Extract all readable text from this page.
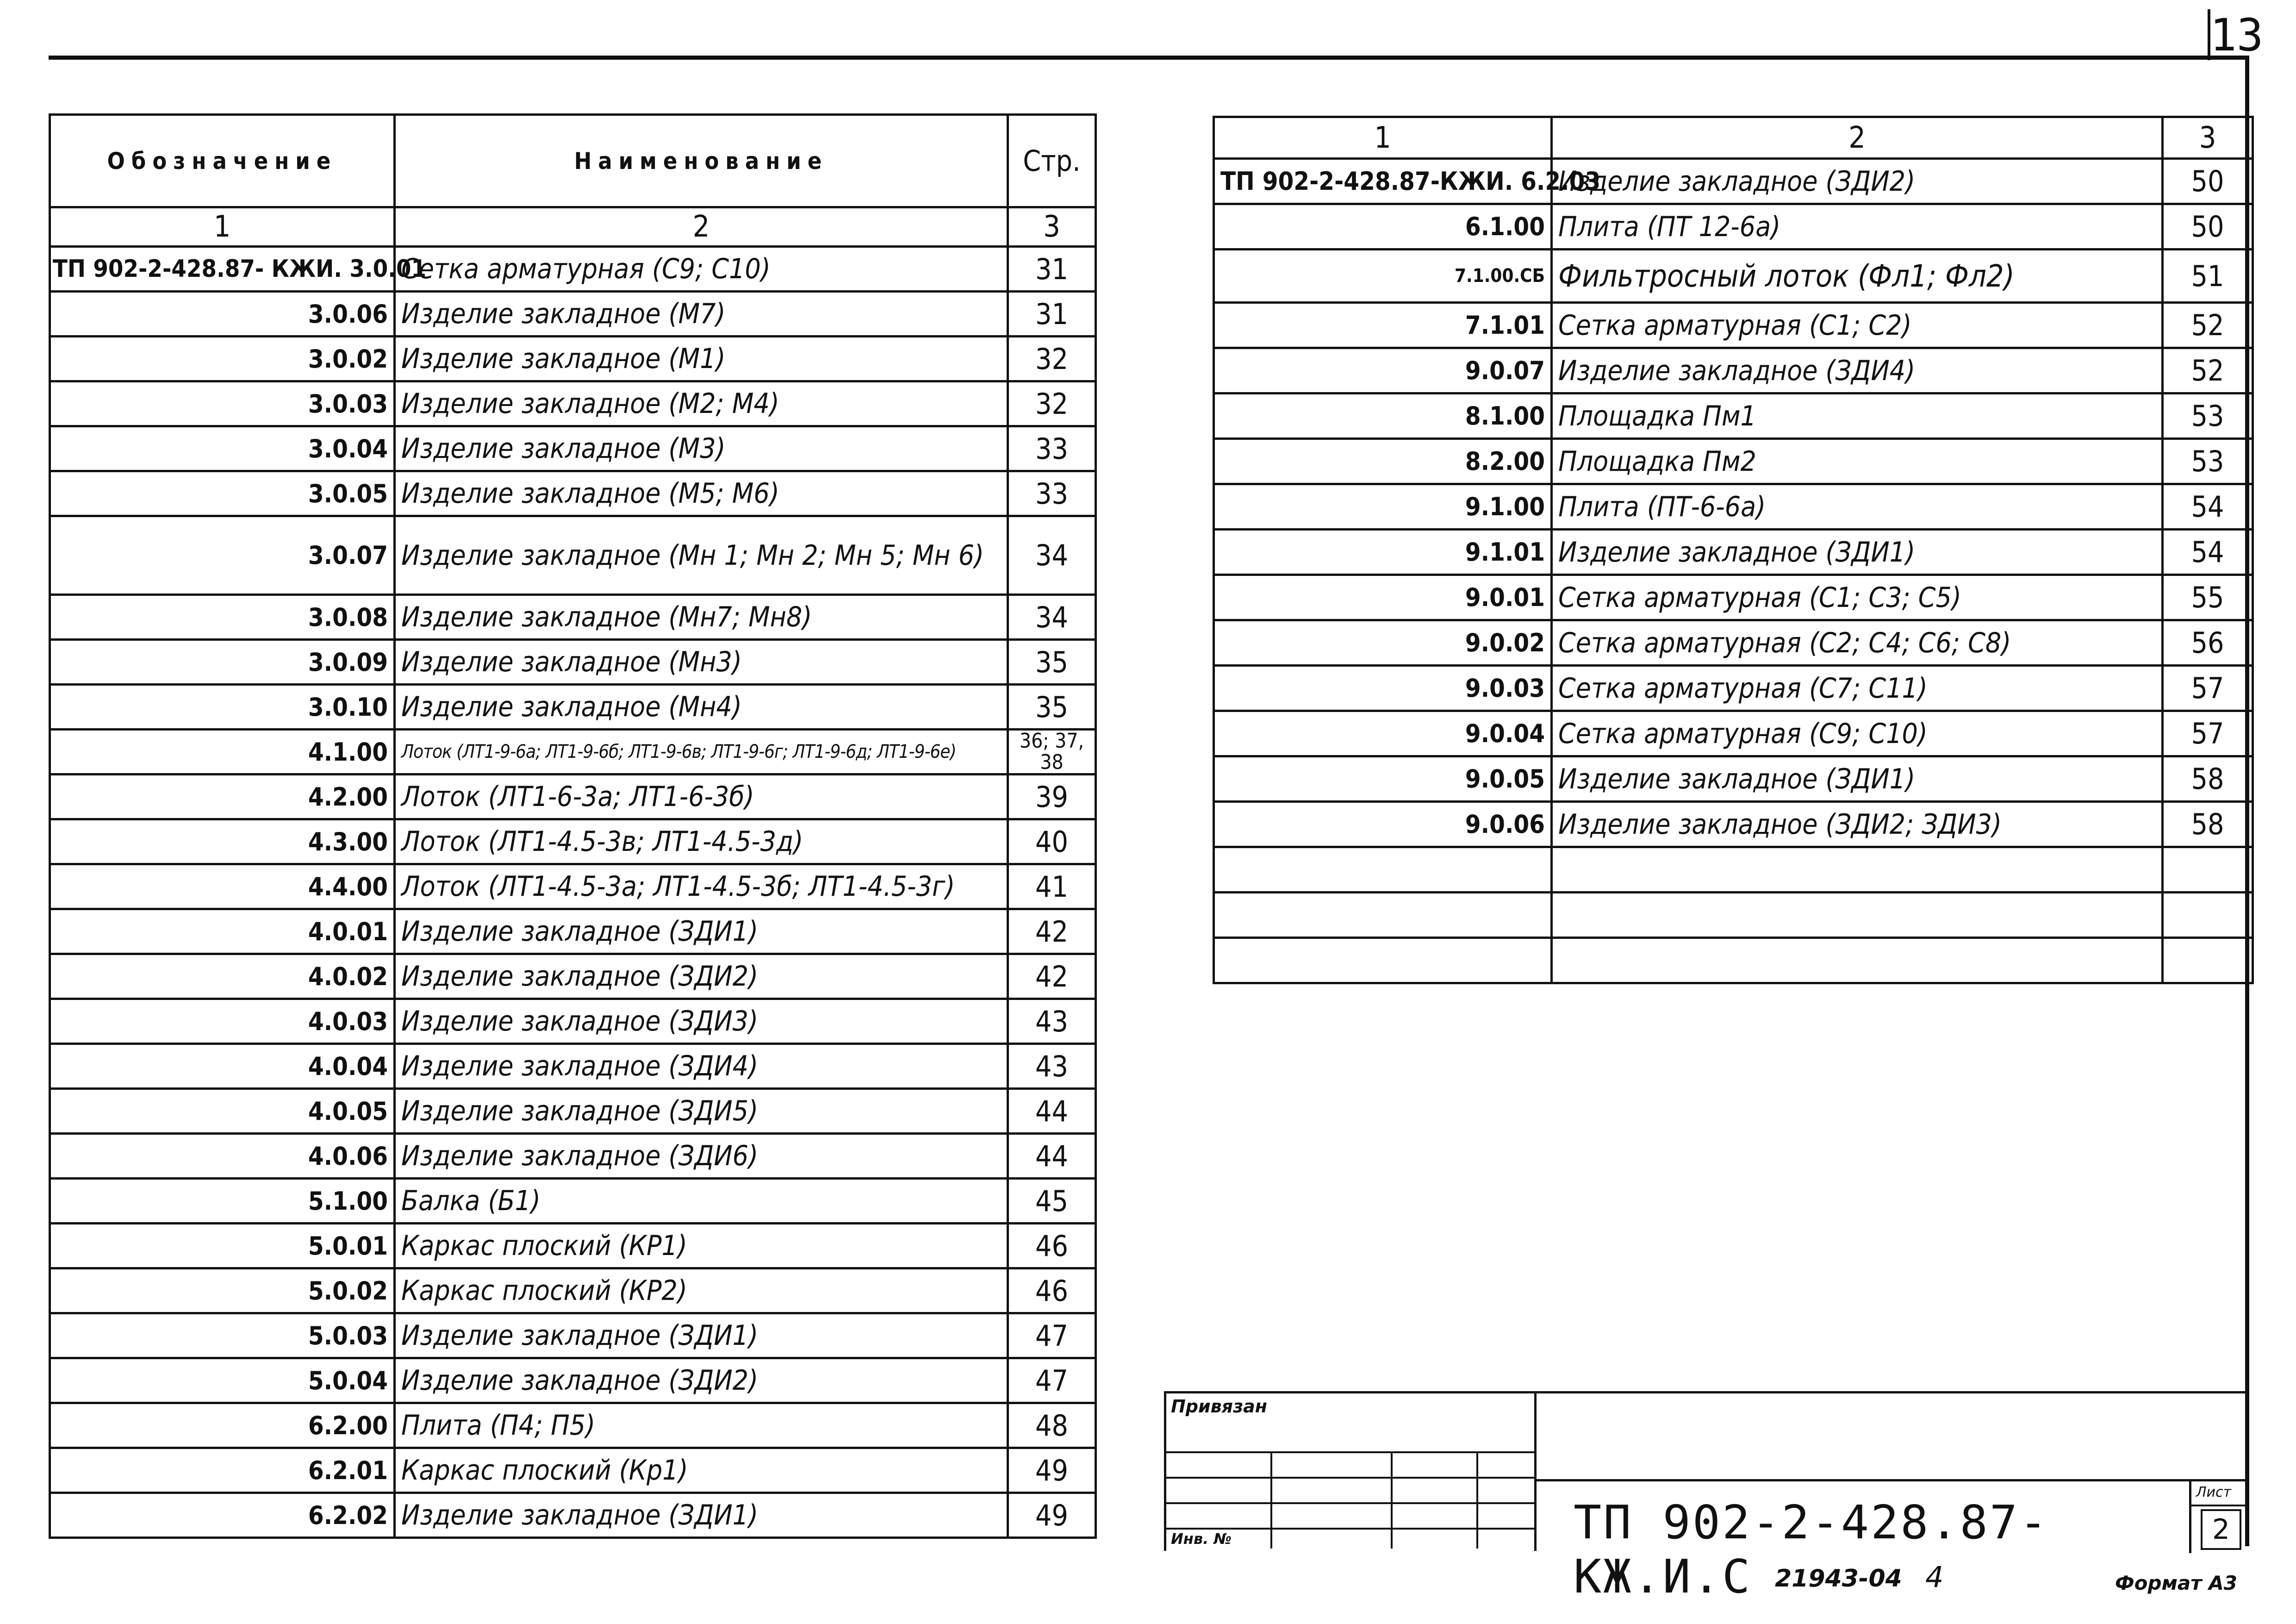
13
Обозначение	Наименование	Стр.
1	2	3
ТП 902-2-428.87- КЖИ. 3.0.01	Сетка арматурная (С9; С10)	31
3.0.06	Изделие закладное (М7)	31
3.0.02	Изделие закладное (М1)	32
3.0.03	Изделие закладное (М2; М4)	32
3.0.04	Изделие закладное (М3)	33
3.0.05	Изделие закладное (М5; М6)	33
3.0.07	Изделие закладное (Мн 1; Мн 2; Мн 5; Мн 6)	34
3.0.08	Изделие закладное (Мн7; Мн8)	34
3.0.09	Изделие закладное (Мн3)	35
3.0.10	Изделие закладное (Мн4)	35
4.1.00	Лоток (ЛТ1-9-6а; ЛТ1-9-6б; ЛТ1-9-6в; ЛТ1-9-6г; ЛТ1-9-6д; ЛТ1-9-6е)	36; 37, 38
4.2.00	Лоток (ЛТ1-6-3а; ЛТ1-6-3б)	39
4.3.00	Лоток (ЛТ1-4.5-3в; ЛТ1-4.5-3д)	40
4.4.00	Лоток (ЛТ1-4.5-3а; ЛТ1-4.5-3б; ЛТ1-4.5-3г)	41
4.0.01	Изделие закладное (ЗДИ1)	42
4.0.02	Изделие закладное (ЗДИ2)	42
4.0.03	Изделие закладное (ЗДИ3)	43
4.0.04	Изделие закладное (ЗДИ4)	43
4.0.05	Изделие закладное (ЗДИ5)	44
4.0.06	Изделие закладное (ЗДИ6)	44
5.1.00	Балка (Б1)	45
5.0.01	Каркас плоский (КР1)	46
5.0.02	Каркас плоский (КР2)	46
5.0.03	Изделие закладное (ЗДИ1)	47
5.0.04	Изделие закладное (ЗДИ2)	47
6.2.00	Плита (П4; П5)	48
6.2.01	Каркас плоский (Кр1)	49
6.2.02	Изделие закладное (ЗДИ1)	49
1	2	3
ТП 902-2-428.87-КЖИ. 6.2.03	Изделие закладное (ЗДИ2)	50
6.1.00	Плита (ПТ 12-6а)	50
7.1.00.СБ	Фильтросный лоток (Фл1; Фл2)	51
7.1.01	Сетка арматурная (С1; С2)	52
9.0.07	Изделие закладное (ЗДИ4)	52
8.1.00	Площадка Пм1	53
8.2.00	Площадка Пм2	53
9.1.00	Плита (ПТ-6-6а)	54
9.1.01	Изделие закладное (ЗДИ1)	54
9.0.01	Сетка арматурная (С1; С3; С5)	55
9.0.02	Сетка арматурная (С2; С4; С6; С8)	56
9.0.03	Сетка арматурная (С7; С11)	57
9.0.04	Сетка арматурная (С9; С10)	57
9.0.05	Изделие закладное (ЗДИ1)	58
9.0.06	Изделие закладное (ЗДИ2; ЗДИ3)	58

Привязан
Инв. №	ТП 902-2-428.87- КЖ.И.С
Лист
2
21943-04 4	Формат А3
